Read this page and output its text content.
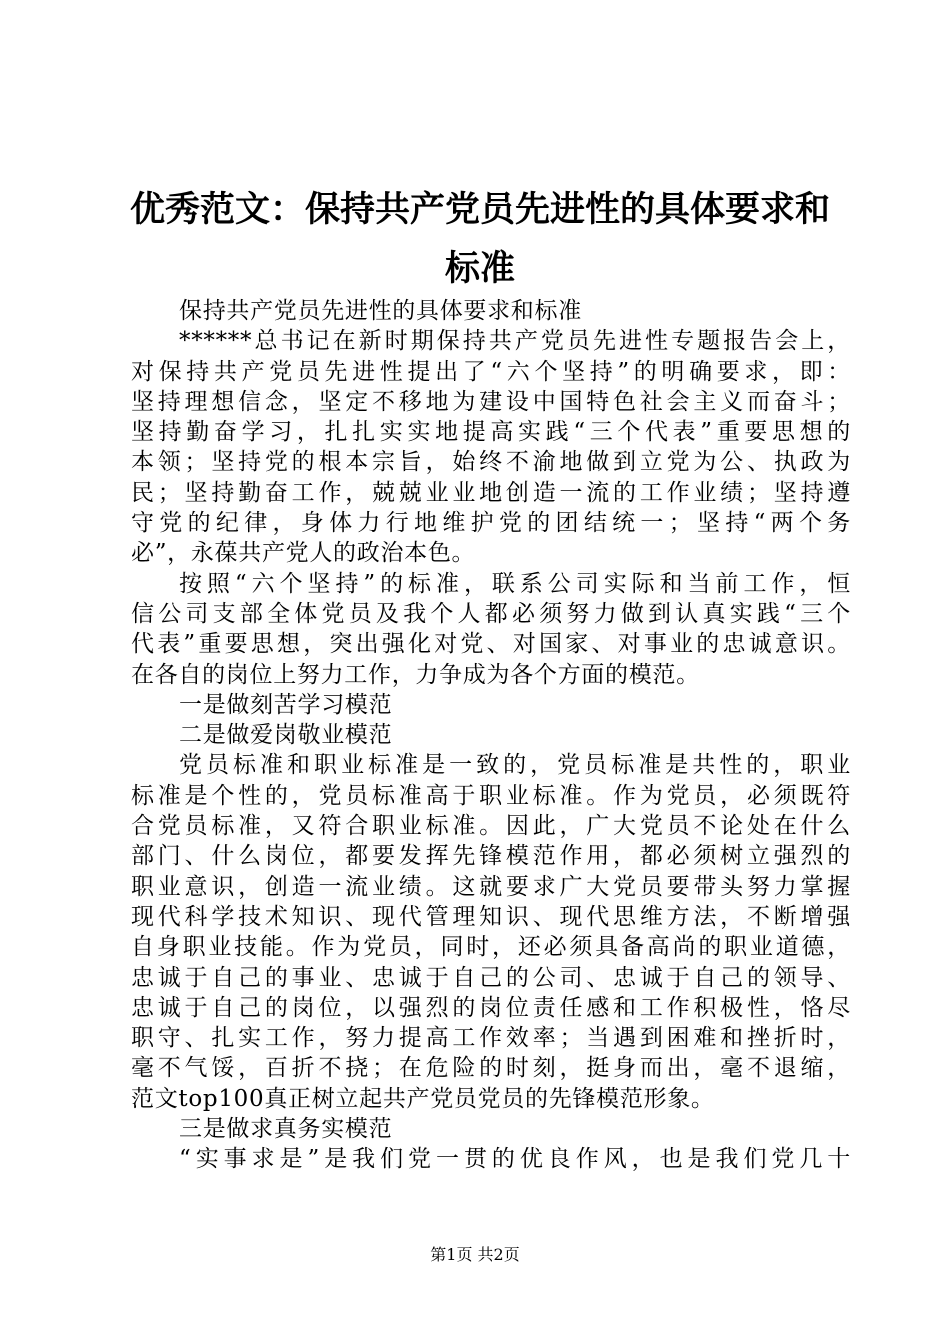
优秀范文：保持共产党员先进性的具体要求和
标准
保持共产党员先进性的具体要求和标准
******总书记在新时期保持共产党员先进性专题报告会上，
对保持共产党员先进性提出了“六个坚持”的明确要求，即：
坚持理想信念，坚定不移地为建设中国特色社会主义而奋斗；
坚持勤奋学习，扎扎实实地提高实践“三个代表”重要思想的
本领；坚持党的根本宗旨，始终不渝地做到立党为公、执政为
民；坚持勤奋工作，兢兢业业地创造一流的工作业绩；坚持遵
守党的纪律，身体力行地维护党的团结统一；坚持“两个务
必”，永葆共产党人的政治本色。
按照“六个坚持”的标准，联系公司实际和当前工作，恒
信公司支部全体党员及我个人都必须努力做到认真实践“三个
代表”重要思想，突出强化对党、对国家、对事业的忠诚意识。
在各自的岗位上努力工作，力争成为各个方面的模范。
一是做刻苦学习模范
二是做爱岗敬业模范
党员标准和职业标准是一致的，党员标准是共性的，职业
标准是个性的，党员标准高于职业标准。作为党员，必须既符
合党员标准，又符合职业标准。因此，广大党员不论处在什么
部门、什么岗位，都要发挥先锋模范作用，都必须树立强烈的
职业意识，创造一流业绩。这就要求广大党员要带头努力掌握
现代科学技术知识、现代管理知识、现代思维方法，不断增强
自身职业技能。作为党员，同时，还必须具备高尚的职业道德，
忠诚于自己的事业、忠诚于自己的公司、忠诚于自己的领导、
忠诚于自己的岗位，以强烈的岗位责任感和工作积极性，恪尽
职守、扎实工作，努力提高工作效率；当遇到困难和挫折时，
毫不气馁，百折不挠；在危险的时刻，挺身而出，毫不退缩，
范文top100真正树立起共产党员党员的先锋模范形象。
三是做求真务实模范
“实事求是”是我们党一贯的优良作风，也是我们党几十
第1页 共2页
